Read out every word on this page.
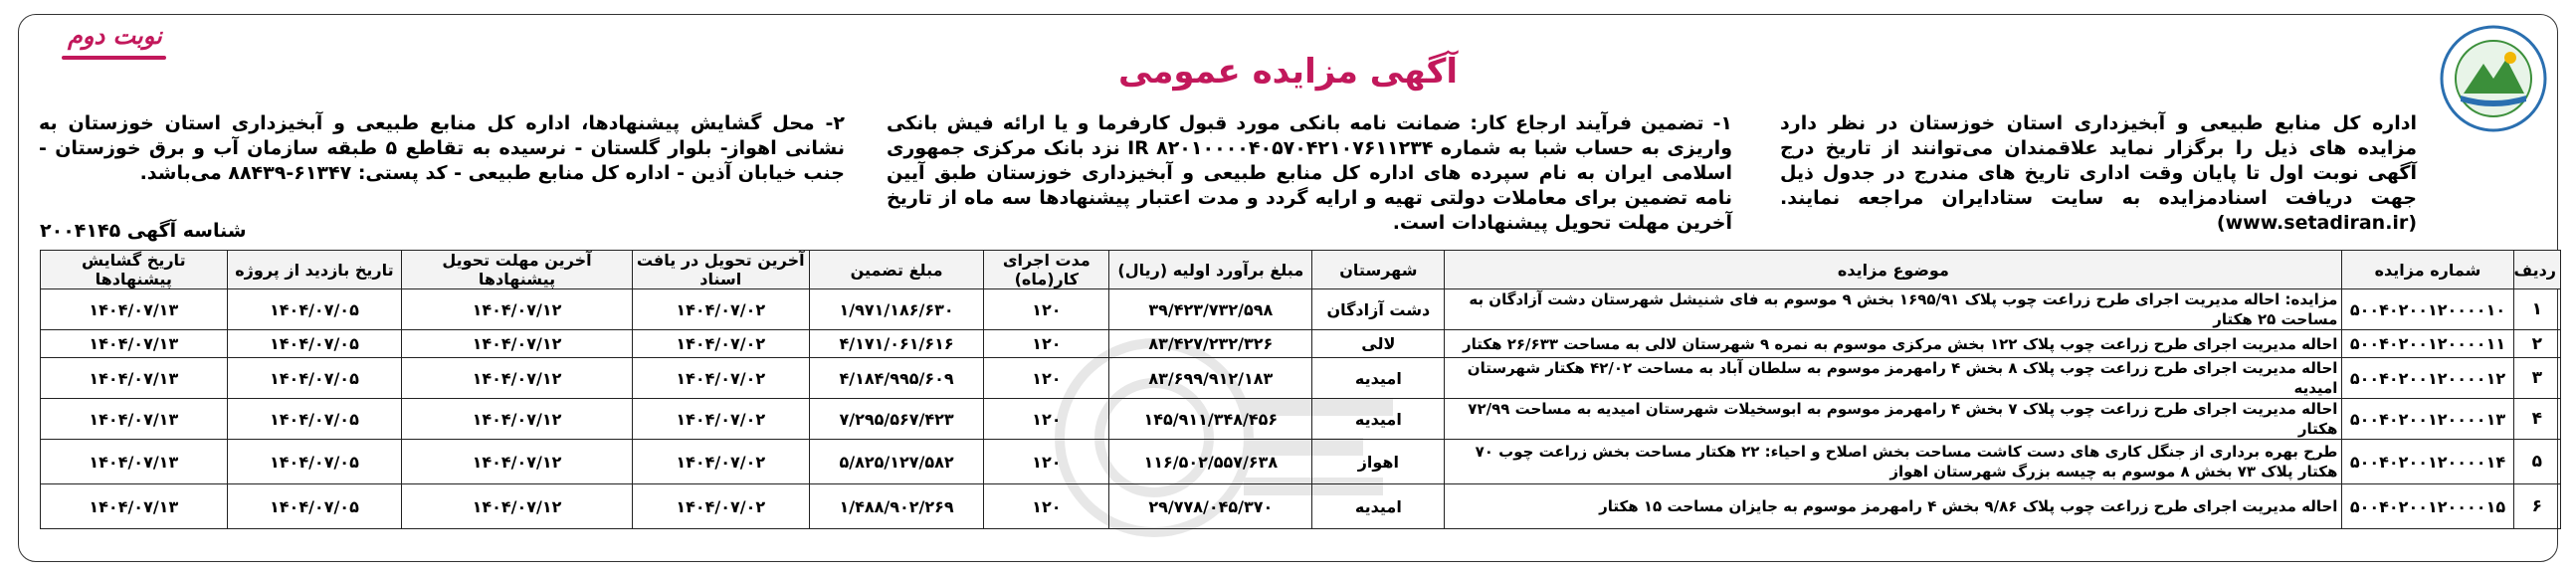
نوبت دوم
آگهی مزایده عمومی
اداره کل منابع طبیعی و آبخیزداری استان خوزستان در نظر دارد مزایده های ذیل را برگزار نماید علاقمندان می‌توانند از تاریخ درج آگهی نوبت اول تا پایان وقت اداری تاریخ های مندرج در جدول ذیل جهت دریافت اسنادمزایده به سایت ستادایران مراجعه نمایند. (www.setadiran.ir)
۱- تضمین فرآیند ارجاع کار: ضمانت نامه بانکی مورد قبول کارفرما و یا ارائه فیش بانکی واریزی به حساب شبا به شماره IR ۸۲۰۱۰۰۰۰۴۰۵۷۰۴۲۱۰۷۶۱۱۲۳۴ نزد بانک مرکزی جمهوری اسلامی ایران به نام سپرده های اداره کل منابع طبیعی و آبخیزداری خوزستان طبق آیین نامه تضمین برای معاملات دولتی تهیه و ارایه گردد و مدت اعتبار پیشنهادها سه ماه از تاریخ آخرین مهلت تحویل پیشنهادات است.
۲- محل گشایش پیشنهادها، اداره کل منابع طبیعی و آبخیزداری استان خوزستان به نشانی اهواز- بلوار گلستان - نرسیده به تقاطع ۵ طبقه سازمان آب و برق خوزستان - جنب خیابان آذین - اداره کل منابع طبیعی - کد پستی: ۶۱۳۴۷-۸۸۴۳۹ می‌باشد.
شناسه آگهی ۲۰۰۴۱۴۵
ردیف	شماره مزایده	موضوع مزایده	شهرستان	مبلغ برآورد اولیه (ریال)	مدت اجرای کار(ماه)	مبلغ تضمین	آخرین تحویل در یافت اسناد	آخرین مهلت تحویل پیشنهادها	تاریخ بازدید از پروژه	تاریخ گشایش پیشنهادها
۱	۵۰۰۴۰۲۰۰۱۲۰۰۰۰۱۰	مزایده: احاله مدیریت اجرای طرح زراعت چوب پلاک ۱۶۹۵/۹۱ بخش ۹ موسوم به فای شنیشل شهرستان دشت آزادگان به مساحت ۲۵ هکتار	دشت آزادگان	۳۹/۴۲۳/۷۳۲/۵۹۸	۱۲۰	۱/۹۷۱/۱۸۶/۶۳۰	۱۴۰۴/۰۷/۰۲	۱۴۰۴/۰۷/۱۲	۱۴۰۴/۰۷/۰۵	۱۴۰۴/۰۷/۱۳
۲	۵۰۰۴۰۲۰۰۱۲۰۰۰۰۱۱	احاله مدیریت اجرای طرح زراعت چوب پلاک ۱۲۲ بخش مرکزی موسوم به نمره ۹ شهرستان لالی به مساحت ۲۶/۶۳۳ هکتار	لالی	۸۳/۴۲۷/۲۳۲/۳۲۶	۱۲۰	۴/۱۷۱/۰۶۱/۶۱۶	۱۴۰۴/۰۷/۰۲	۱۴۰۴/۰۷/۱۲	۱۴۰۴/۰۷/۰۵	۱۴۰۴/۰۷/۱۳
۳	۵۰۰۴۰۲۰۰۱۲۰۰۰۰۱۲	احاله مدیریت اجرای طرح زراعت چوب پلاک ۸ بخش ۴ رامهرمز موسوم به سلطان آباد به مساحت ۴۲/۰۲ هکتار شهرستان امیدیه	امیدیه	۸۳/۶۹۹/۹۱۲/۱۸۳	۱۲۰	۴/۱۸۴/۹۹۵/۶۰۹	۱۴۰۴/۰۷/۰۲	۱۴۰۴/۰۷/۱۲	۱۴۰۴/۰۷/۰۵	۱۴۰۴/۰۷/۱۳
۴	۵۰۰۴۰۲۰۰۱۲۰۰۰۰۱۳	احاله مدیریت اجرای طرح زراعت چوب پلاک ۷ بخش ۴ رامهرمز موسوم به ابوسخیلات شهرستان امیدیه به مساحت ۷۲/۹۹ هکتار	امیدیه	۱۴۵/۹۱۱/۳۴۸/۴۵۶	۱۲۰	۷/۲۹۵/۵۶۷/۴۲۳	۱۴۰۴/۰۷/۰۲	۱۴۰۴/۰۷/۱۲	۱۴۰۴/۰۷/۰۵	۱۴۰۴/۰۷/۱۳
۵	۵۰۰۴۰۲۰۰۱۲۰۰۰۰۱۴	طرح بهره برداری از جنگل کاری های دست کاشت مساحت بخش اصلاح و احیاء: ۲۲ هکتار مساحت بخش زراعت چوب ۷۰ هکتار پلاک ۷۳ بخش ۸ موسوم به چیسه بزرگ شهرستان اهواز	اهواز	۱۱۶/۵۰۲/۵۵۷/۶۳۸	۱۲۰	۵/۸۲۵/۱۲۷/۵۸۲	۱۴۰۴/۰۷/۰۲	۱۴۰۴/۰۷/۱۲	۱۴۰۴/۰۷/۰۵	۱۴۰۴/۰۷/۱۳
۶	۵۰۰۴۰۲۰۰۱۲۰۰۰۰۱۵	احاله مدیریت اجرای طرح زراعت چوب پلاک ۹/۸۶ بخش ۴ رامهرمز موسوم به جایزان مساحت ۱۵ هکتار	امیدیه	۲۹/۷۷۸/۰۴۵/۳۷۰	۱۲۰	۱/۴۸۸/۹۰۲/۲۶۹	۱۴۰۴/۰۷/۰۲	۱۴۰۴/۰۷/۱۲	۱۴۰۴/۰۷/۰۵	۱۴۰۴/۰۷/۱۳
